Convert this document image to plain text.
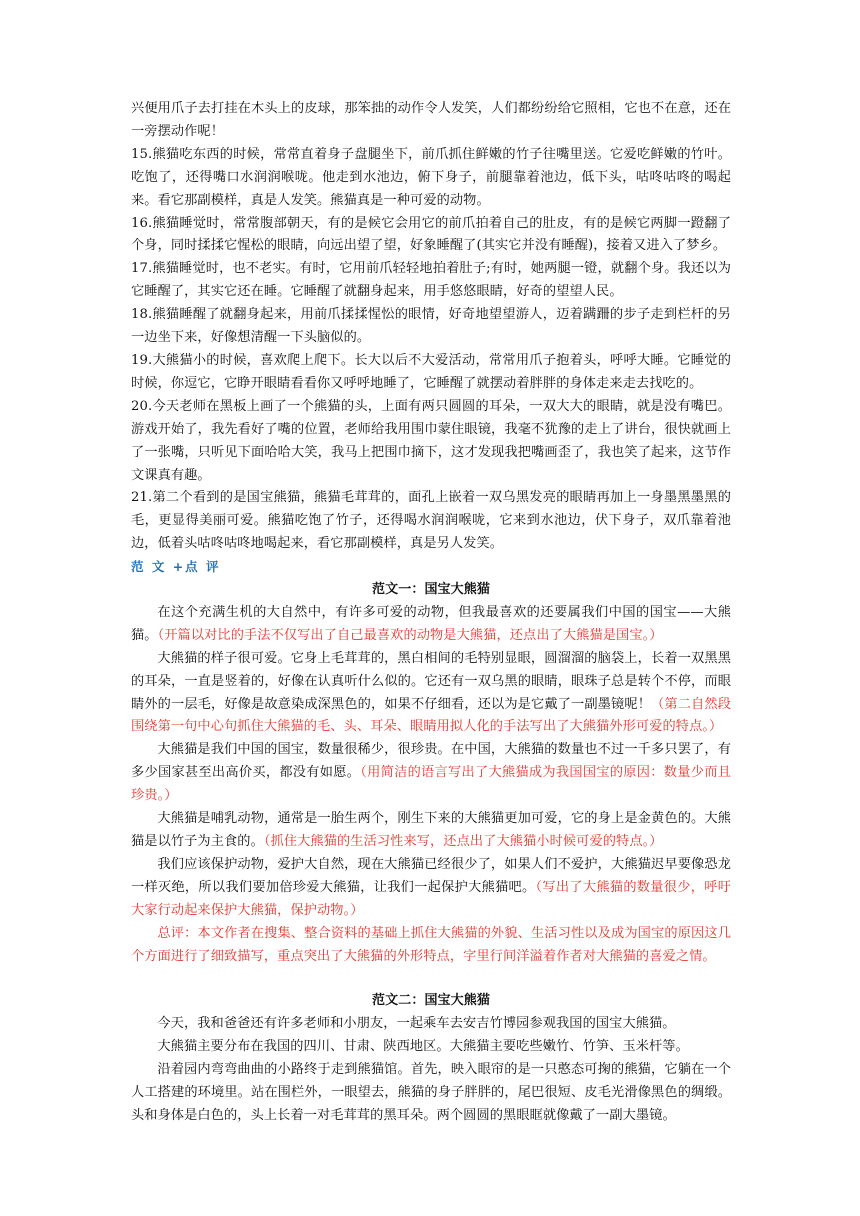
兴便用爪子去打挂在木头上的皮球，那笨拙的动作令人发笑，人们都纷纷给它照相，它也不在意，还在一旁摆动作呢！

15.熊猫吃东西的时候，常常直着身子盘腿坐下，前爪抓住鲜嫩的竹子往嘴里送。它爱吃鲜嫩的竹叶。吃饱了，还得嘴口水润润喉咙。他走到水池边，俯下身子，前腿靠着池边，低下头，咕咚咕咚的喝起来。看它那副模样，真是人发笑。熊猫真是一种可爱的动物。

16.熊猫睡觉时，常常腹部朝天，有的是候它会用它的前爪拍着自己的肚皮，有的是候它两脚一蹬翻了个身，同时揉揉它惺松的眼睛，向远出望了望，好象睡醒了(其实它并没有睡醒)，接着又进入了梦乡。

17.熊猫睡觉时，也不老实。有时，它用前爪轻轻地拍着肚子;有时，她两腿一镫，就翻个身。我还以为它睡醒了，其实它还在睡。它睡醒了就翻身起来，用手悠悠眼睛，好奇的望望人民。

18.熊猫睡醒了就翻身起来，用前爪揉揉惺忪的眼情，好奇地望望游人，迈着蹒跚的步子走到栏杆的另一边坐下来，好像想清醒一下头脑似的。

19.大熊猫小的时候，喜欢爬上爬下。长大以后不大爱活动，常常用爪子抱着头，呼呼大睡。它睡觉的时候，你逗它，它睁开眼睛看看你又呼呼地睡了，它睡醒了就摆动着胖胖的身体走来走去找吃的。

20.今天老师在黑板上画了一个熊猫的头，上面有两只圆圆的耳朵，一双大大的眼睛，就是没有嘴巴。游戏开始了，我先看好了嘴的位置，老师给我用围巾蒙住眼镜，我毫不犹豫的走上了讲台，很快就画上了一张嘴，只听见下面哈哈大笑，我马上把围巾摘下，这才发现我把嘴画歪了，我也笑了起来，这节作文课真有趣。

21.第二个看到的是国宝熊猫，熊猫毛茸茸的，面孔上嵌着一双乌黑发亮的眼睛再加上一身墨黑墨黑的毛，更显得美丽可爱。熊猫吃饱了竹子，还得喝水润润喉咙，它来到水池边，伏下身子，双爪靠着池边，低着头咕咚咕咚地喝起来，看它那副模样，真是另人发笑。

范 文 +点 评

范文一：国宝大熊猫

在这个充满生机的大自然中，有许多可爱的动物，但我最喜欢的还要属我们中国的国宝——大熊猫。（开篇以对比的手法不仅写出了自己最喜欢的动物是大熊猫，还点出了大熊猫是国宝。）

大熊猫的样子很可爱。它身上毛茸茸的，黑白相间的毛特别显眼，圆溜溜的脑袋上，长着一双黑黑的耳朵，一直是竖着的，好像在认真听什么似的。它还有一双乌黑的眼睛，眼珠子总是转个不停，而眼睛外的一层毛，好像是故意染成深黑色的，如果不仔细看，还以为是它戴了一副墨镜呢！（第二自然段围绕第一句中心句抓住大熊猫的毛、头、耳朵、眼睛用拟人化的手法写出了大熊猫外形可爱的特点。）

大熊猫是我们中国的国宝，数量很稀少，很珍贵。在中国，大熊猫的数量也不过一千多只罢了，有多少国家甚至出高价买，都没有如愿。（用简洁的语言写出了大熊猫成为我国国宝的原因：数量少而且珍贵。）

大熊猫是哺乳动物，通常是一胎生两个，刚生下来的大熊猫更加可爱，它的身上是金黄色的。大熊猫是以竹子为主食的。（抓住大熊猫的生活习性来写，还点出了大熊猫小时候可爱的特点。）

我们应该保护动物，爱护大自然，现在大熊猫已经很少了，如果人们不爱护，大熊猫迟早要像恐龙一样灭绝，所以我们要加倍珍爱大熊猫，让我们一起保护大熊猫吧。（写出了大熊猫的数量很少，呼吁大家行动起来保护大熊猫，保护动物。）

总评：本文作者在搜集、整合资料的基础上抓住大熊猫的外貌、生活习性以及成为国宝的原因这几个方面进行了细致描写，重点突出了大熊猫的外形特点，字里行间洋溢着作者对大熊猫的喜爱之情。

范文二：国宝大熊猫

今天，我和爸爸还有许多老师和小朋友，一起乘车去安吉竹博园参观我国的国宝大熊猫。

大熊猫主要分布在我国的四川、甘肃、陕西地区。大熊猫主要吃些嫩竹、竹笋、玉米杆等。

沿着园内弯弯曲曲的小路终于走到熊猫馆。首先，映入眼帘的是一只憨态可掬的熊猫，它躺在一个人工搭建的环境里。站在围栏外，一眼望去，熊猫的身子胖胖的，尾巴很短、皮毛光滑像黑色的绸缎。头和身体是白色的，头上长着一对毛茸茸的黑耳朵。两个圆圆的黑眼眶就像戴了一副大墨镜。
